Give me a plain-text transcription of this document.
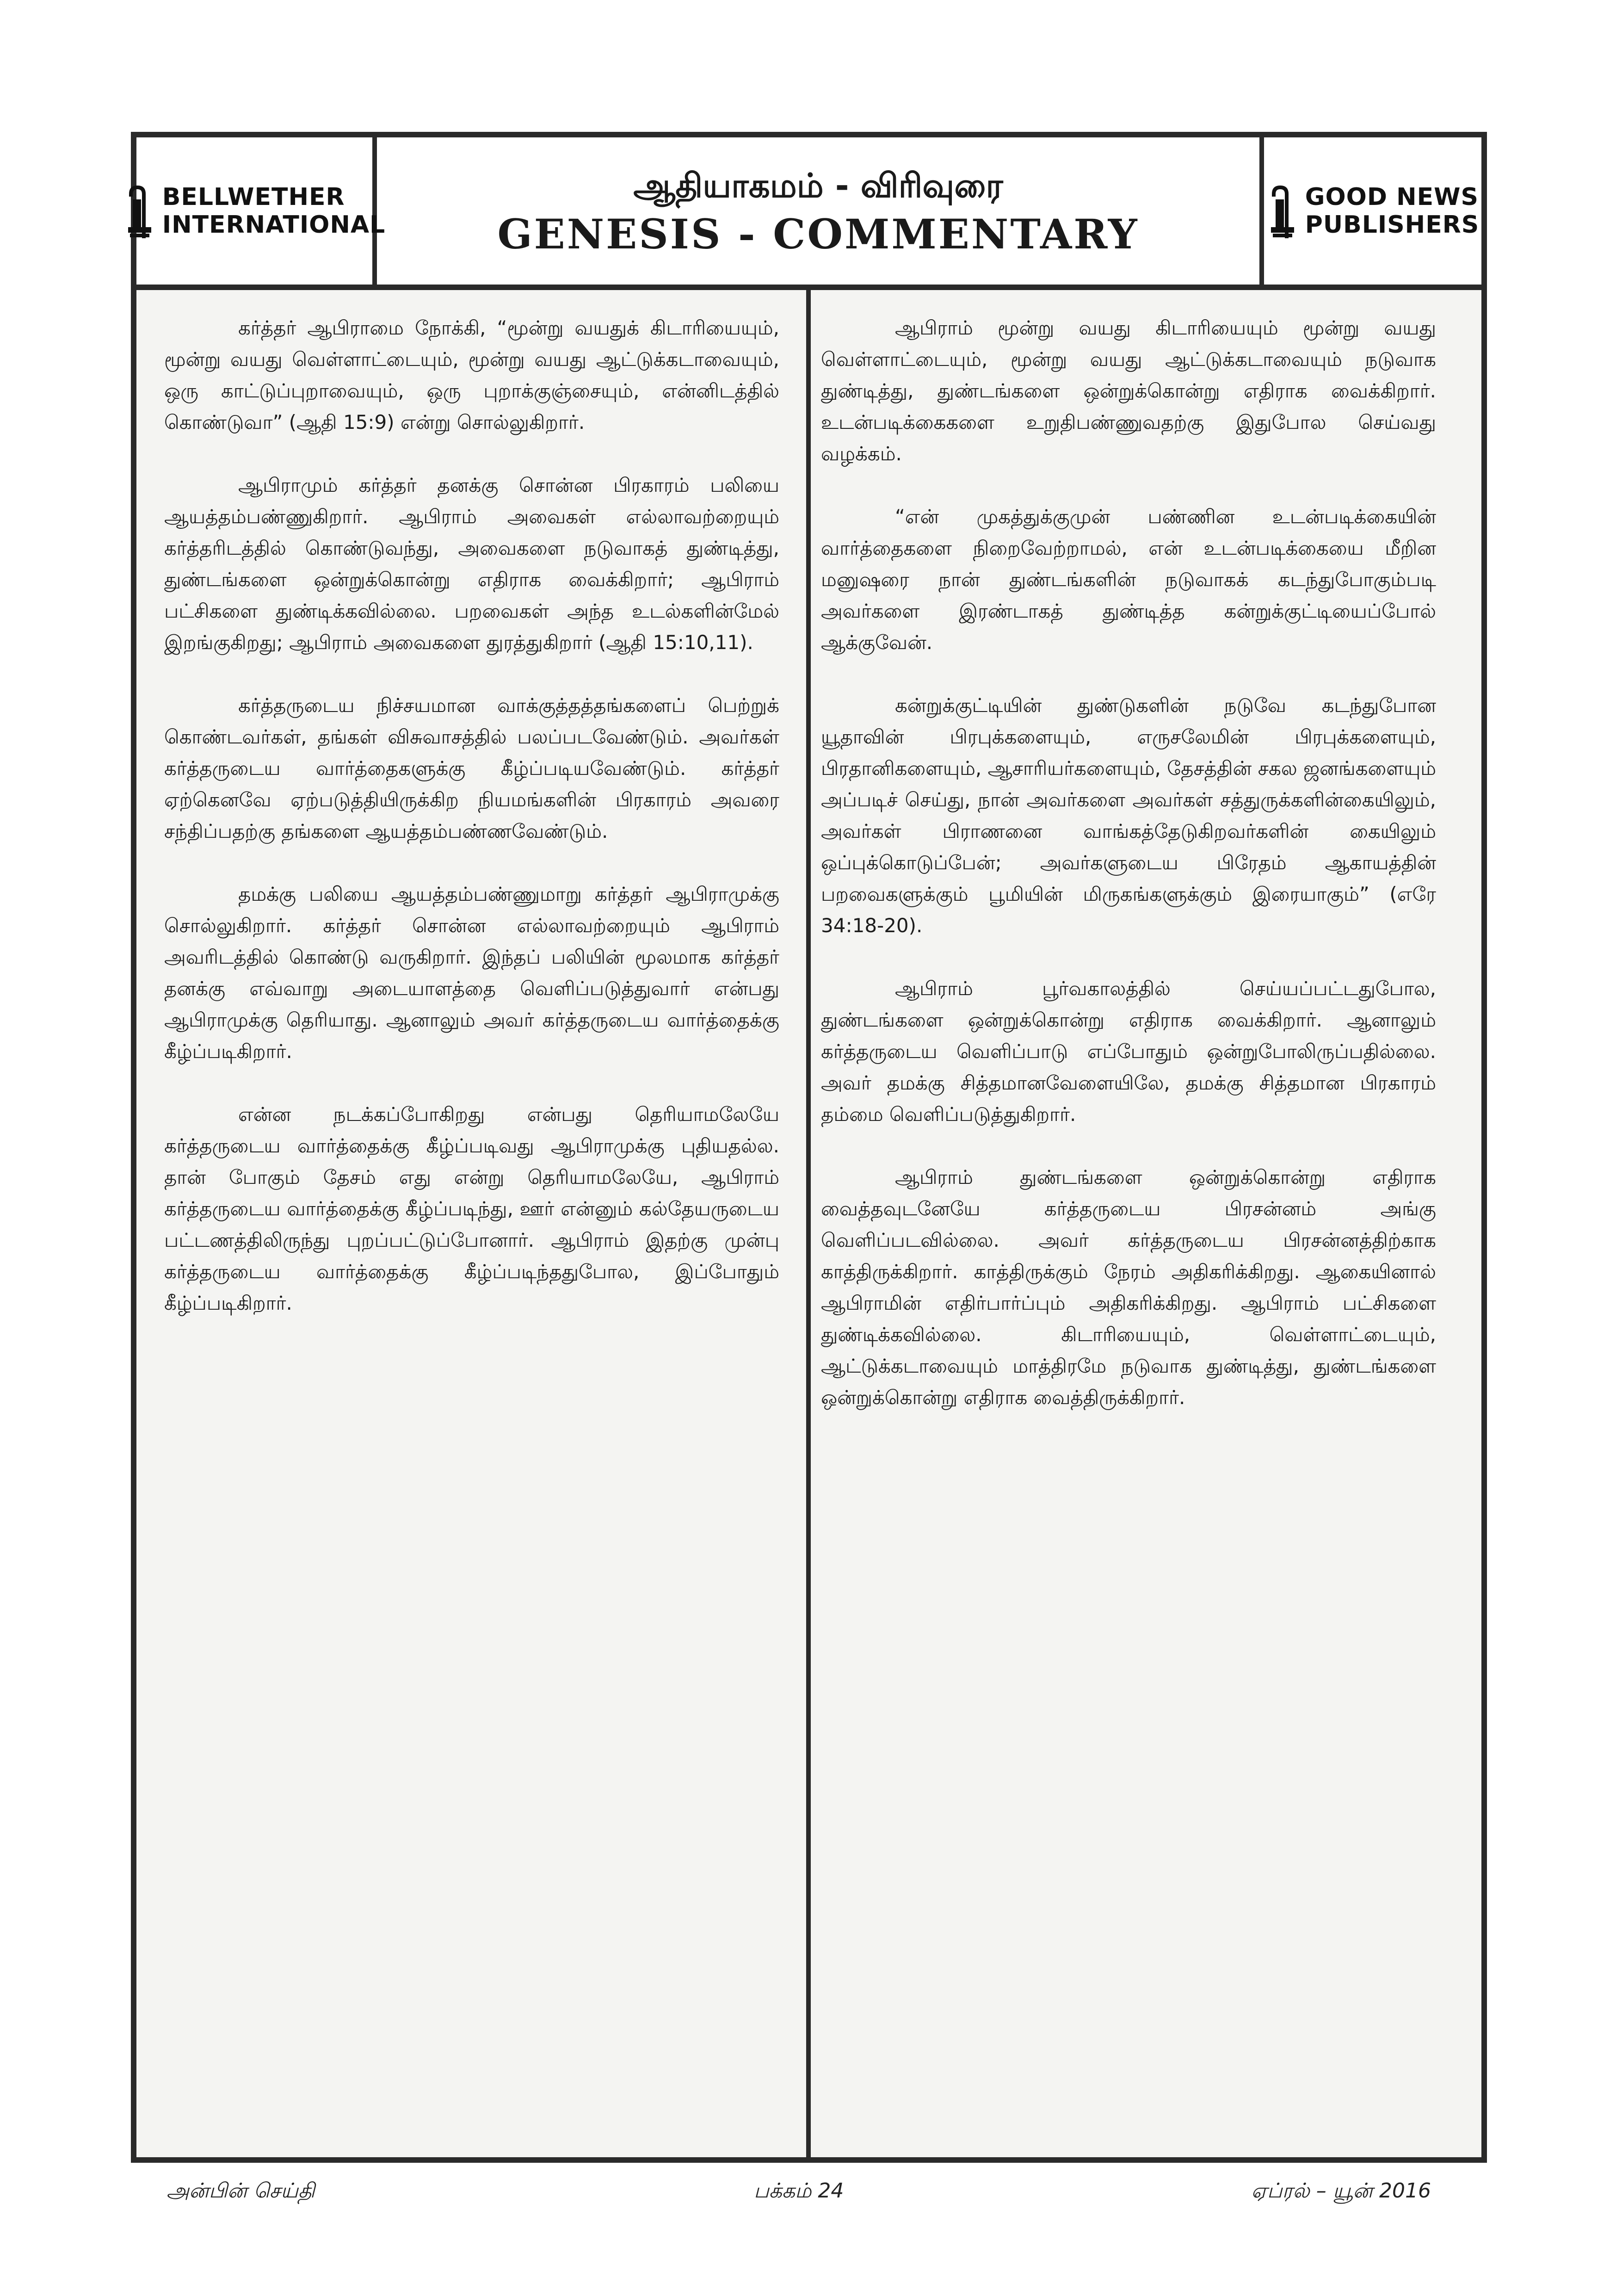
BELLWETHER
INTERNATIONAL
ஆதியாகமம் - விரிவுரை
GENESIS - COMMENTARY
GOOD NEWS
PUBLISHERS

கர்த்தர் ஆபிராமை நோக்கி, “மூன்று வயதுக் கிடாரியையும், மூன்று வயது வெள்ளாட்டையும், மூன்று வயது ஆட்டுக்கடாவையும், ஒரு காட்டுப்புறாவையும், ஒரு புறாக்குஞ்சையும், என்னிடத்தில் கொண்டுவா” (ஆதி 15:9) என்று சொல்லுகிறார்.

ஆபிராமும் கர்த்தர் தனக்கு சொன்ன பிரகாரம் பலியை ஆயத்தம்பண்ணுகிறார். ஆபிராம் அவைகள் எல்லாவற்றையும் கர்த்தரிடத்தில் கொண்டுவந்து, அவைகளை நடுவாகத் துண்டித்து, துண்டங்களை ஒன்றுக்கொன்று எதிராக வைக்கிறார்; ஆபிராம் பட்சிகளை துண்டிக்கவில்லை. பறவைகள் அந்த உடல்களின்மேல் இறங்குகிறது; ஆபிராம் அவைகளை துரத்துகிறார் (ஆதி 15:10,11).

கர்த்தருடைய நிச்சயமான வாக்குத்தத்தங்களைப் பெற்றுக் கொண்டவர்கள், தங்கள் விசுவாசத்தில் பலப்படவேண்டும். அவர்கள் கர்த்தருடைய வார்த்தைகளுக்கு கீழ்ப்படியவேண்டும். கர்த்தர் ஏற்கெனவே ஏற்படுத்தியிருக்கிற நியமங்களின் பிரகாரம் அவரை சந்திப்பதற்கு தங்களை ஆயத்தம்பண்ணவேண்டும்.

தமக்கு பலியை ஆயத்தம்பண்ணுமாறு கர்த்தர் ஆபிராமுக்கு சொல்லுகிறார். கர்த்தர் சொன்ன எல்லாவற்றையும் ஆபிராம் அவரிடத்தில் கொண்டு வருகிறார். இந்தப் பலியின் மூலமாக கர்த்தர் தனக்கு எவ்வாறு அடையாளத்தை வெளிப்படுத்துவார் என்பது ஆபிராமுக்கு தெரியாது. ஆனாலும் அவர் கர்த்தருடைய வார்த்தைக்கு கீழ்ப்படிகிறார்.

என்ன நடக்கப்போகிறது என்பது தெரியாமலேயே கர்த்தருடைய வார்த்தைக்கு கீழ்ப்படிவது ஆபிராமுக்கு புதியதல்ல. தான் போகும் தேசம் எது என்று தெரியாமலேயே, ஆபிராம் கர்த்தருடைய வார்த்தைக்கு கீழ்ப்படிந்து, ஊர் என்னும் கல்தேயருடைய பட்டணத்திலிருந்து புறப்பட்டுப்போனார். ஆபிராம் இதற்கு முன்பு கர்த்தருடைய வார்த்தைக்கு கீழ்ப்படிந்ததுபோல, இப்போதும் கீழ்ப்படிகிறார்.

ஆபிராம் மூன்று வயது கிடாரியையும் மூன்று வயது வெள்ளாட்டையும், மூன்று வயது ஆட்டுக்கடாவையும் நடுவாக துண்டித்து, துண்டங்களை ஒன்றுக்கொன்று எதிராக வைக்கிறார். உடன்படிக்கைகளை உறுதிபண்ணுவதற்கு இதுபோல செய்வது வழக்கம்.

“என் முகத்துக்குமுன் பண்ணின உடன்படிக்கையின் வார்த்தைகளை நிறைவேற்றாமல், என் உடன்படிக்கையை மீறின மனுஷரை நான் துண்டங்களின் நடுவாகக் கடந்துபோகும்படி அவர்களை இரண்டாகத் துண்டித்த கன்றுக்குட்டியைப்போல் ஆக்குவேன்.

கன்றுக்குட்டியின் துண்டுகளின் நடுவே கடந்துபோன யூதாவின் பிரபுக்களையும், எருசலேமின் பிரபுக்களையும், பிரதானிகளையும், ஆசாரியர்களையும், தேசத்தின் சகல ஜனங்களையும் அப்படிச் செய்து, நான் அவர்களை அவர்கள் சத்துருக்களின்கையிலும், அவர்கள் பிராணனை வாங்கத்தேடுகிறவர்களின் கையிலும் ஒப்புக்கொடுப்பேன்; அவர்களுடைய பிரேதம் ஆகாயத்தின் பறவைகளுக்கும் பூமியின் மிருகங்களுக்கும் இரையாகும்” (எரே 34:18-20).

ஆபிராம் பூர்வகாலத்தில் செய்யப்பட்டதுபோல, துண்டங்களை ஒன்றுக்கொன்று எதிராக வைக்கிறார். ஆனாலும் கர்த்தருடைய வெளிப்பாடு எப்போதும் ஒன்றுபோலிருப்பதில்லை. அவர் தமக்கு சித்தமானவேளையிலே, தமக்கு சித்தமான பிரகாரம் தம்மை வெளிப்படுத்துகிறார்.

ஆபிராம் துண்டங்களை ஒன்றுக்கொன்று எதிராக வைத்தவுடனேயே கர்த்தருடைய பிரசன்னம் அங்கு வெளிப்படவில்லை. அவர் கர்த்தருடைய பிரசன்னத்திற்காக காத்திருக்கிறார். காத்திருக்கும் நேரம் அதிகரிக்கிறது. ஆகையினால் ஆபிராமின் எதிர்பார்ப்பும் அதிகரிக்கிறது. ஆபிராம் பட்சிகளை துண்டிக்கவில்லை. கிடாரியையும், வெள்ளாட்டையும், ஆட்டுக்கடாவையும் மாத்திரமே நடுவாக துண்டித்து, துண்டங்களை ஒன்றுக்கொன்று எதிராக வைத்திருக்கிறார்.

அன்பின் செய்தி	பக்கம் 24	ஏப்ரல் – யூன் 2016
